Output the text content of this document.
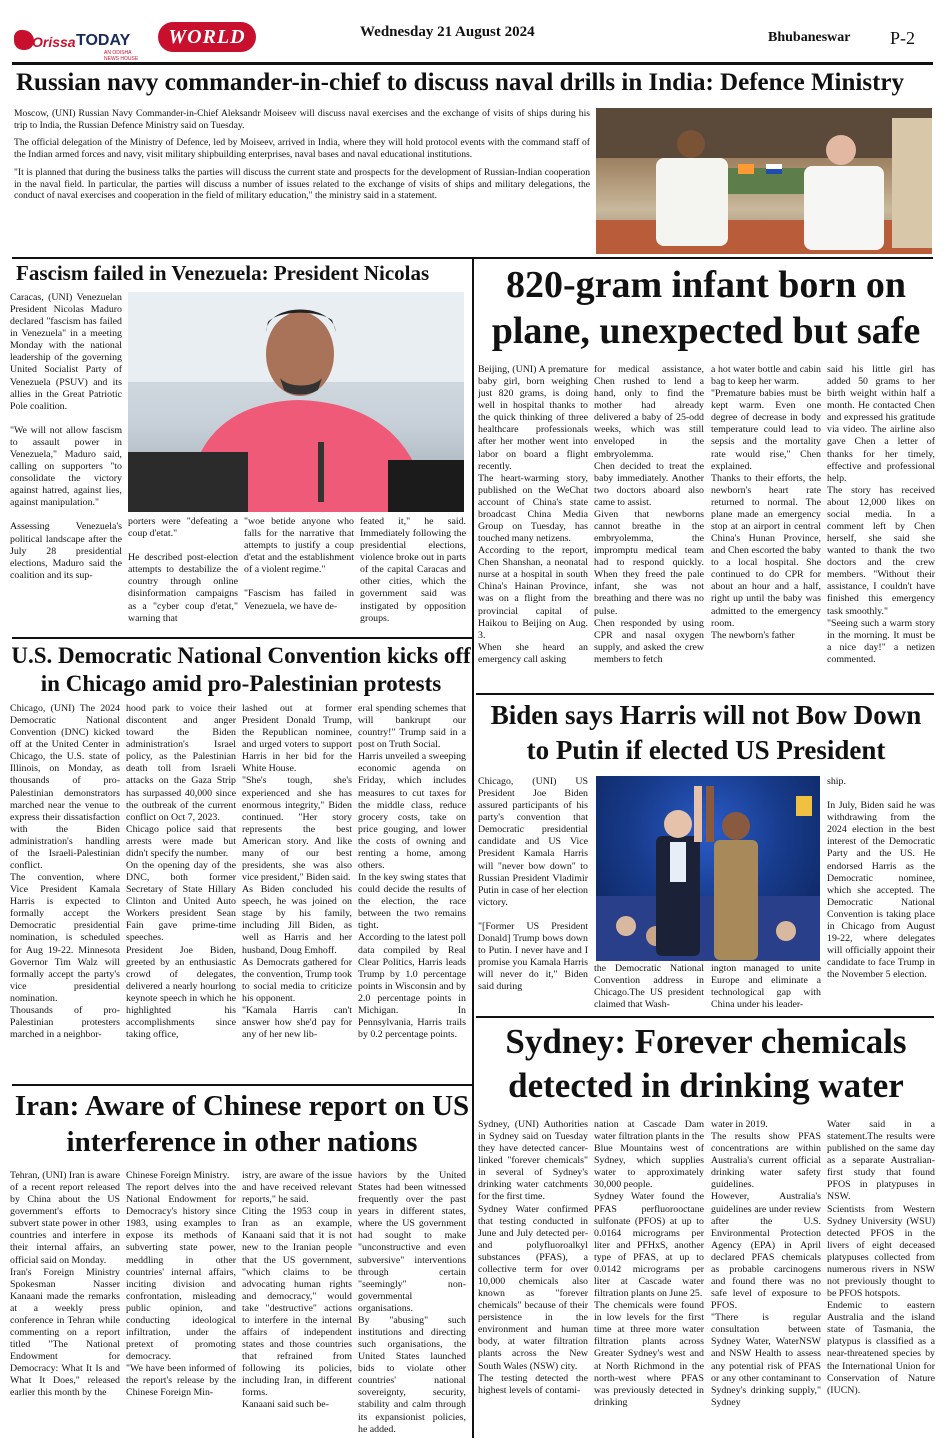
Orissa TODAY
AN ODISHA NEWS HOUSE
WORLD	Wednesday 21 August 2024	Bhubaneswar P-2
Russian navy commander-in-chief to discuss naval drills in India: Defence Ministry

Moscow, (UNI) Russian Navy Commander-in-Chief Aleksandr Moiseev will discuss naval exercises and the exchange of visits of ships during his trip to India, the Russian Defence Ministry said on Tuesday.

The official delegation of the Ministry of Defence, led by Moiseev, arrived in India, where they will hold protocol events with the command staff of the Indian armed forces and navy, visit military shipbuilding enterprises, naval bases and naval educational institutions.

"It is planned that during the business talks the parties will discuss the current state and prospects for the development of Russian-Indian cooperation in the naval field. In particular, the parties will discuss a number of issues related to the exchange of visits of ships and military delegations, the conduct of naval exercises and cooperation in the field of military education," the ministry said in a statement.

Fascism failed in Venezuela: President Nicolas
Caracas, (UNI) Venezuelan President Nicolas Maduro declared "fascism has failed in Venezuela" in a meeting Monday with the national leadership of the governing United Socialist Party of Venezuela (PSUV) and its allies in the Great Patriotic Pole coalition.

"We will not allow fascism to assault power in Venezuela," Maduro said, calling on supporters "to consolidate the victory against hatred, against lies, against manipulation."

Assessing Venezuela's political landscape after the July 28 presidential elections, Maduro said the coalition and its sup-
porters were "defeating a coup d'etat."

He described post-election attempts to destabilize the country through online disinformation campaigns as a "cyber coup d'etat," warning that
"woe betide anyone who falls for the narrative that attempts to justify a coup d'etat and the establishment of a violent regime."

"Fascism has failed in Venezuela, we have de-
feated it," he said. Immediately following the presidential elections, violence broke out in parts of the capital Caracas and other cities, which the government said was instigated by opposition groups.
U.S. Democratic National Convention kicks off in Chicago amid pro-Palestinian protests
Chicago, (UNI) The 2024 Democratic National Convention (DNC) kicked off at the United Center in Chicago, the U.S. state of Illinois, on Monday, as thousands of pro-Palestinian demonstrators marched near the venue to express their dissatisfaction with the Biden administration's handling of the Israeli-Palestinian conflict.
The convention, where Vice President Kamala Harris is expected to formally accept the Democratic presidential nomination, is scheduled for Aug 19-22. Minnesota Governor Tim Walz will formally accept the party's vice presidential nomination.
Thousands of pro-Palestinian protesters marched in a neighbor-
hood park to voice their discontent and anger toward the Biden administration's Israel policy, as the Palestinian death toll from Israeli attacks on the Gaza Strip has surpassed 40,000 since the outbreak of the current conflict on Oct 7, 2023.
Chicago police said that arrests were made but didn't specify the number.
On the opening day of the DNC, both former Secretary of State Hillary Clinton and United Auto Workers president Sean Fain gave prime-time speeches.
President Joe Biden, greeted by an enthusiastic crowd of delegates, delivered a nearly hourlong keynote speech in which he highlighted his accomplishments since taking office,
lashed out at former President Donald Trump, the Republican nominee, and urged voters to support Harris in her bid for the White House.
"She's tough, she's experienced and she has enormous integrity," Biden continued. "Her story represents the best American story. And like many of our best presidents, she was also vice president," Biden said.
As Biden concluded his speech, he was joined on stage by his family, including Jill Biden, as well as Harris and her husband, Doug Emhoff.
As Democrats gathered for the convention, Trump took to social media to criticize his opponent.
"Kamala Harris can't answer how she'd pay for any of her new lib-
eral spending schemes that will bankrupt our country!" Trump said in a post on Truth Social.
Harris unveiled a sweeping economic agenda on Friday, which includes measures to cut taxes for the middle class, reduce grocery costs, take on price gouging, and lower the costs of owning and renting a home, among others.
In the key swing states that could decide the results of the election, the race between the two remains tight.
According to the latest poll data compiled by Real Clear Politics, Harris leads Trump by 1.0 percentage points in Wisconsin and by 2.0 percentage points in Michigan. In Pennsylvania, Harris trails by 0.2 percentage points.
Iran: Aware of Chinese report on US interference in other nations
Tehran, (UNI) Iran is aware of a recent report released by China about the US government's efforts to subvert state power in other countries and interfere in their internal affairs, an official said on Monday.
Iran's Foreign Ministry Spokesman Nasser Kanaani made the remarks at a weekly press conference in Tehran while commenting on a report titled "The National Endowment for Democracy: What It Is and What It Does," released earlier this month by the
Chinese Foreign Ministry.
The report delves into the National Endowment for Democracy's history since 1983, using examples to expose its methods of subverting state power, meddling in other countries' internal affairs, inciting division and confrontation, misleading public opinion, and conducting ideological infiltration, under the pretext of promoting democracy.
"We have been informed of the report's release by the Chinese Foreign Min-
istry, are aware of the issue and have received relevant reports," he said.
Citing the 1953 coup in Iran as an example, Kanaani said that it is not new to the Iranian people that the US government, "which claims to be advocating human rights and democracy," would take "destructive" actions to interfere in the internal affairs of independent states and those countries that refrained from following its policies, including Iran, in different forms.
Kanaani said such be-
haviors by the United States had been witnessed frequently over the past years in different states, where the US government had sought to make "unconstructive and even subversive" interventions through certain "seemingly" non-governmental organisations.
By "abusing" such institutions and directing such organisations, the United States launched bids to violate other countries' national sovereignty, security, stability and calm through its expansionist policies, he added.
820-gram infant born on plane, unexpected but safe
Beijing, (UNI) A premature baby girl, born weighing just 820 grams, is doing well in hospital thanks to the quick thinking of three healthcare professionals after her mother went into labor on board a flight recently.
The heart-warming story, published on the WeChat account of China's state broadcast China Media Group on Tuesday, has touched many netizens.
According to the report, Chen Shanshan, a neonatal nurse at a hospital in south China's Hainan Province, was on a flight from the provincial capital of Haikou to Beijing on Aug. 3.
When she heard an emergency call asking
for medical assistance, Chen rushed to lend a hand, only to find the mother had already delivered a baby of 25-odd weeks, which was still enveloped in the embryolemma.
Chen decided to treat the baby immediately. Another two doctors aboard also came to assist.
Given that newborns cannot breathe in the embryolemma, the impromptu medical team had to respond quickly. When they freed the pale infant, she was not breathing and there was no pulse.
Chen responded by using CPR and nasal oxygen supply, and asked the crew members to fetch
a hot water bottle and cabin bag to keep her warm.
"Premature babies must be kept warm. Even one degree of decrease in body temperature could lead to sepsis and the mortality rate would rise," Chen explained.
Thanks to their efforts, the newborn's heart rate returned to normal. The plane made an emergency stop at an airport in central China's Hunan Province, and Chen escorted the baby to a local hospital. She continued to do CPR for about an hour and a half, right up until the baby was admitted to the emergency room.
The newborn's father
said his little girl has added 50 grams to her birth weight within half a month. He contacted Chen and expressed his gratitude via video. The airline also gave Chen a letter of thanks for her timely, effective and professional help.
The story has received about 12,000 likes on social media. In a comment left by Chen herself, she said she wanted to thank the two doctors and the crew members. "Without their assistance, I couldn't have finished this emergency task smoothly."
"Seeing such a warm story in the morning. It must be a nice day!" a netizen commented.
Biden says Harris will not Bow Down to Putin if elected US President
Chicago, (UNI) US President Joe Biden assured participants of his party's convention that Democratic presidential candidate and US Vice President Kamala Harris will "never bow down" to Russian President Vladimir Putin in case of her election victory.

"[Former US President Donald] Trump bows down to Putin. I never have and I promise you Kamala Harris will never do it," Biden said during
the Democratic National Convention address in Chicago.The US president claimed that Wash-
ington managed to unite Europe and eliminate a technological gap with China under his leader-
ship.

In July, Biden said he was withdrawing from the 2024 election in the best interest of the Democratic Party and the US. He endorsed Harris as the Democratic nominee, which she accepted. The Democratic National Convention is taking place in Chicago from August 19-22, where delegates will officially appoint their candidate to face Trump in the November 5 election.
Sydney: Forever chemicals detected in drinking water
Sydney, (UNI) Authorities in Sydney said on Tuesday they have detected cancer-linked "forever chemicals" in several of Sydney's drinking water catchments for the first time.
Sydney Water confirmed that testing conducted in June and July detected per- and polyfluoroalkyl substances (PFAS), a collective term for over 10,000 chemicals also known as "forever chemicals" because of their persistence in the environment and human body, at water filtration plants across the New South Wales (NSW) city.
The testing detected the highest levels of contami-
nation at Cascade Dam water filtration plants in the Blue Mountains west of Sydney, which supplies water to approximately 30,000 people.
Sydney Water found the PFAS perfluorooctane sulfonate (PFOS) at up to 0.0164 micrograms per liter and PFHxS, another type of PFAS, at up to 0.0142 micrograms per liter at Cascade water filtration plants on June 25.
The chemicals were found in low levels for the first time at three more water filtration plants across Greater Sydney's west and at North Richmond in the north-west where PFAS was previously detected in drinking
water in 2019.
The results show PFAS concentrations are within Australia's current official drinking water safety guidelines.
However, Australia's guidelines are under review after the U.S. Environmental Protection Agency (EPA) in April declared PFAS chemicals as probable carcinogens and found there was no safe level of exposure to PFOS.
"There is regular consultation between Sydney Water, WaterNSW and NSW Health to assess any potential risk of PFAS or any other contaminant to Sydney's drinking supply," Sydney
Water said in a statement.The results were published on the same day as a separate Australian-first study that found PFOS in platypuses in NSW.
Scientists from Western Sydney University (WSU) detected PFOS in the livers of eight deceased platypuses collected from numerous rivers in NSW not previously thought to be PFOS hotspots.
Endemic to eastern Australia and the island state of Tasmania, the platypus is classified as a near-threatened species by the International Union for Conservation of Nature (IUCN).
